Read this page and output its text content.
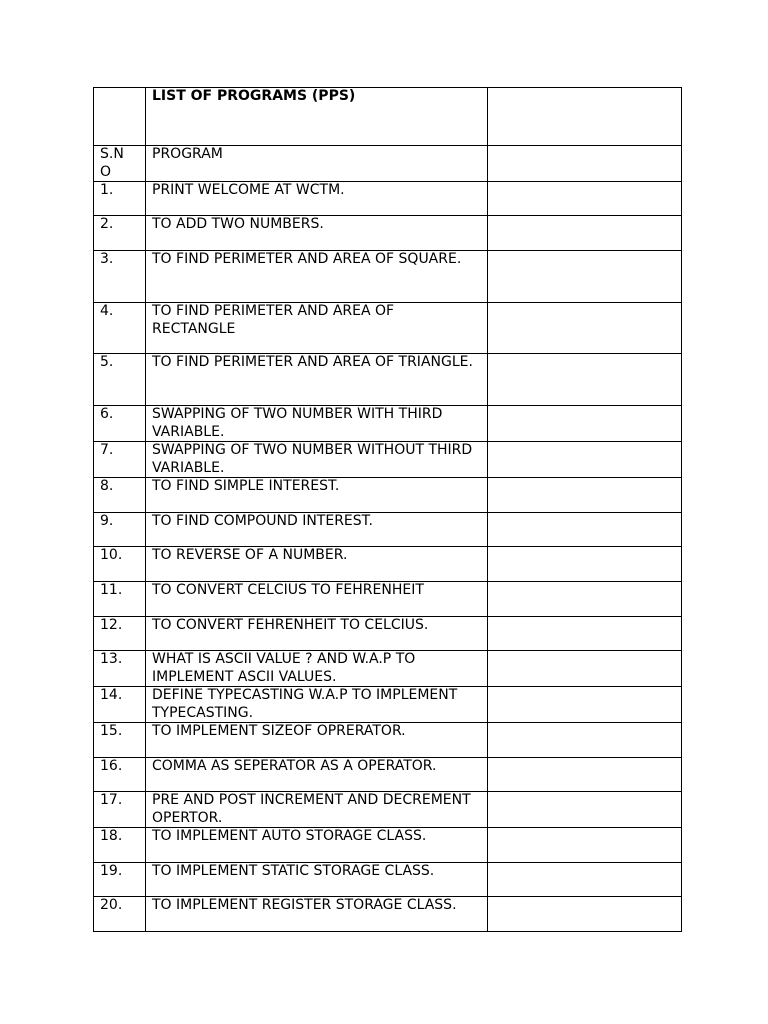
	LIST OF PROGRAMS (PPS)	
S.N O	PROGRAM	
1.	PRINT WELCOME AT WCTM.	
2.	TO ADD TWO NUMBERS.	
3.	TO FIND PERIMETER AND AREA OF SQUARE.	
4.	TO FIND PERIMETER AND AREA OF RECTANGLE	
5.	TO FIND PERIMETER AND AREA OF TRIANGLE.	
6.	SWAPPING OF TWO NUMBER WITH THIRD VARIABLE.	
7.	SWAPPING OF TWO NUMBER WITHOUT THIRD VARIABLE.	
8.	TO FIND SIMPLE INTEREST.	
9.	TO FIND COMPOUND INTEREST.	
10.	TO REVERSE OF A NUMBER.	
11.	TO CONVERT CELCIUS TO FEHRENHEIT	
12.	TO CONVERT FEHRENHEIT TO CELCIUS.	
13.	WHAT IS ASCII VALUE ? AND W.A.P TO IMPLEMENT ASCII VALUES.	
14.	DEFINE TYPECASTING W.A.P TO IMPLEMENT TYPECASTING.	
15.	TO IMPLEMENT SIZEOF OPRERATOR.	
16.	COMMA AS SEPERATOR AS A OPERATOR.	
17.	PRE AND POST INCREMENT AND DECREMENT OPERTOR.	
18.	TO IMPLEMENT AUTO STORAGE CLASS.	
19.	TO IMPLEMENT STATIC STORAGE CLASS.	
20.	TO IMPLEMENT REGISTER STORAGE CLASS.	
